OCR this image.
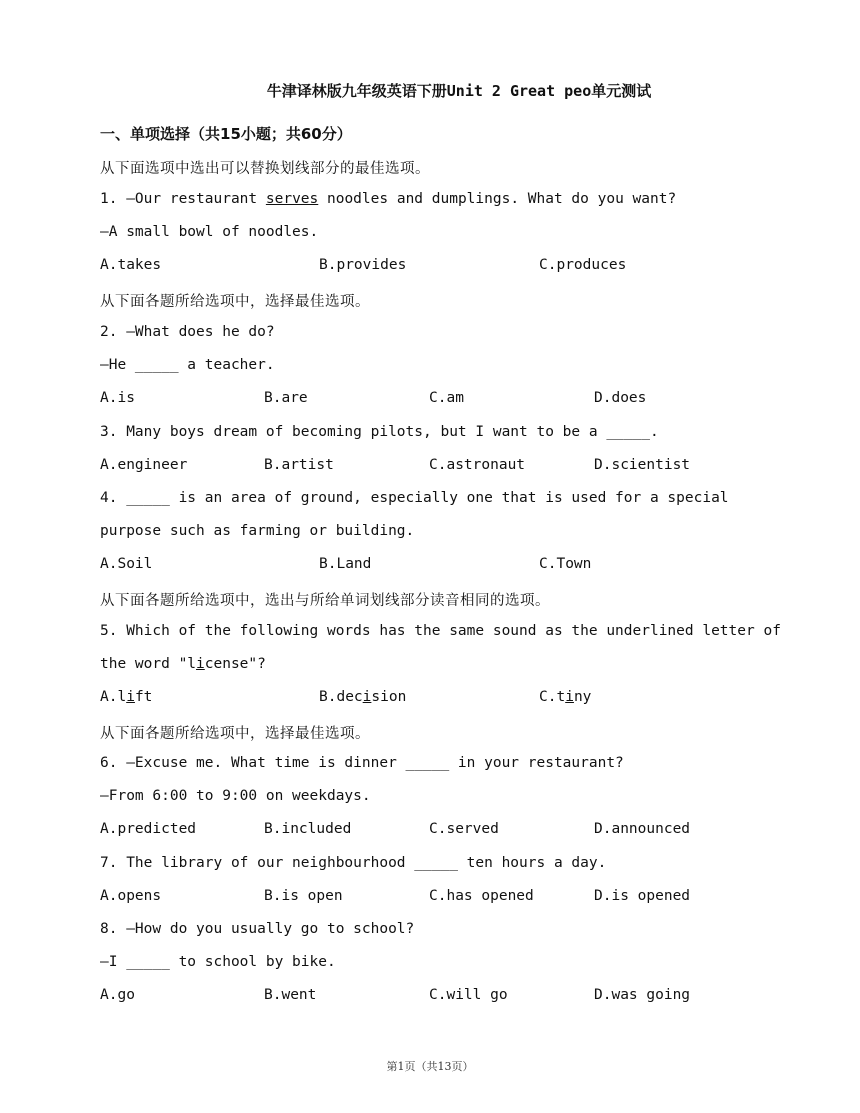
牛津译林版九年级英语下册Unit 2 Great peo单元测试
一、单项选择（共15小题；共60分）
从下面选项中选出可以替换划线部分的最佳选项。
1. —Our restaurant serves noodles and dumplings. What do you want?
—A small bowl of noodles.
A.takes	B.provides	C.produces
从下面各题所给选项中，选择最佳选项。
2. —What does he do?
—He _____ a teacher.
A.is	B.are	C.am	D.does
3. Many boys dream of becoming pilots, but I want to be a _____.
A.engineer	B.artist	C.astronaut	D.scientist
4. _____ is an area of ground, especially one that is used for a special
purpose such as farming or building.
A.Soil	B.Land	C.Town
从下面各题所给选项中，选出与所给单词划线部分读音相同的选项。
5. Which of the following words has the same sound as the underlined letter of
the word "license"?
A.lift	B.decision	C.tiny
从下面各题所给选项中，选择最佳选项。
6. —Excuse me. What time is dinner _____ in your restaurant?
—From 6:00 to 9:00 on weekdays.
A.predicted	B.included	C.served	D.announced
7. The library of our neighbourhood _____ ten hours a day.
A.opens	B.is open	C.has opened	D.is opened
8. —How do you usually go to school?
—I _____ to school by bike.
A.go	B.went	C.will go	D.was going
第1页（共13页）
